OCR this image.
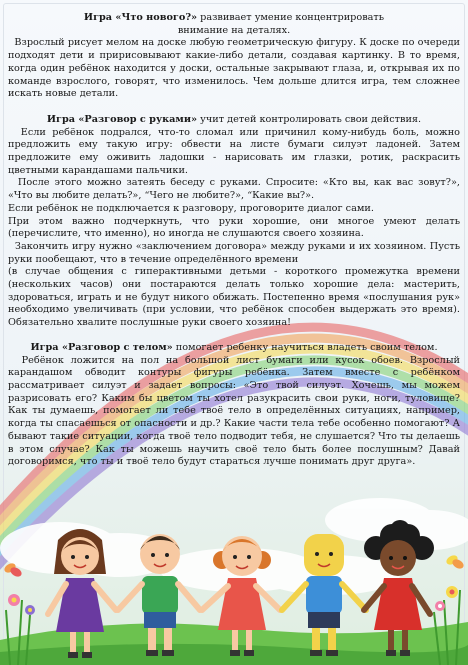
Игра «Что нового?» развивает умение концентрировать

внимание на деталях.

Взрослый рисует мелом на доске любую геометрическую фигуру. К доске по очереди подходят дети и пририсовывают какие-либо детали, создавая картинку. В то время, когда один ребёнок находится у доски, остальные закрывают глаза, и, открывая их по команде взрослого, говорят, что изменилось. Чем дольше длится игра, тем сложнее искать новые детали.

Игра «Разговор с руками» учит детей контролировать свои действия.

Если ребёнок подрался, что-то сломал или причинил кому-нибудь боль, можно предложить ему такую игру: обвести на листе бумаги силуэт ладоней. Затем предложите ему оживить ладошки - нарисовать им глазки, ротик, раскрасить цветными карандашами пальчики.

После этого можно затеять беседу с руками. Спросите: «Кто вы, как вас зовут?», «Что вы любите делать?», “Чего не любите?», “Какие вы?».

Если ребёнок не подключается к разговору, проговорите диалог сами.

При этом важно подчеркнуть, что руки хорошие, они многое умеют делать (перечислите, что именно), но иногда не слушаются своего хозяина.

Закончить игру нужно «заключением договора» между руками и их хозяином. Пусть руки пообещают, что в течение определённого времени

(в случае общения с гиперактивными детьми - короткого промежутка времени (нескольких часов) они постараются делать только хорошие дела: мастерить, здороваться, играть и не будут никого обижать. Постепенно время «послушания рук» необходимо увеличивать (при условии, что ребёнок способен выдержать это время). Обязательно хвалите послушные руки своего хозяина!

Игра «Разговор с телом» помогает ребенку научиться владеть своим телом.

Ребёнок ложится на пол на большой лист бумаги или кусок обоев. Взрослый карандашом обводит контуры фигуры ребёнка. Затем вместе с ребёнком рассматривает силуэт и задает вопросы: «Это твой силуэт. Хочешь, мы можем разрисовать его? Каким бы цветом ты хотел разукрасить свои руки, ноги, туловище? Как ты думаешь, помогает ли тебе твоё тело в определённых ситуациях, например, когда ты спасаешься от опасности и др.? Какие части тела тебе особенно помогают? А бывают такие ситуации, когда твоё тело подводит тебя, не слушается? Что ты делаешь в этом случае? Как ты можешь научить своё тело быть более послушным? Давай договоримся, что ты и твоё тело будут стараться лучше понимать друг друга».
